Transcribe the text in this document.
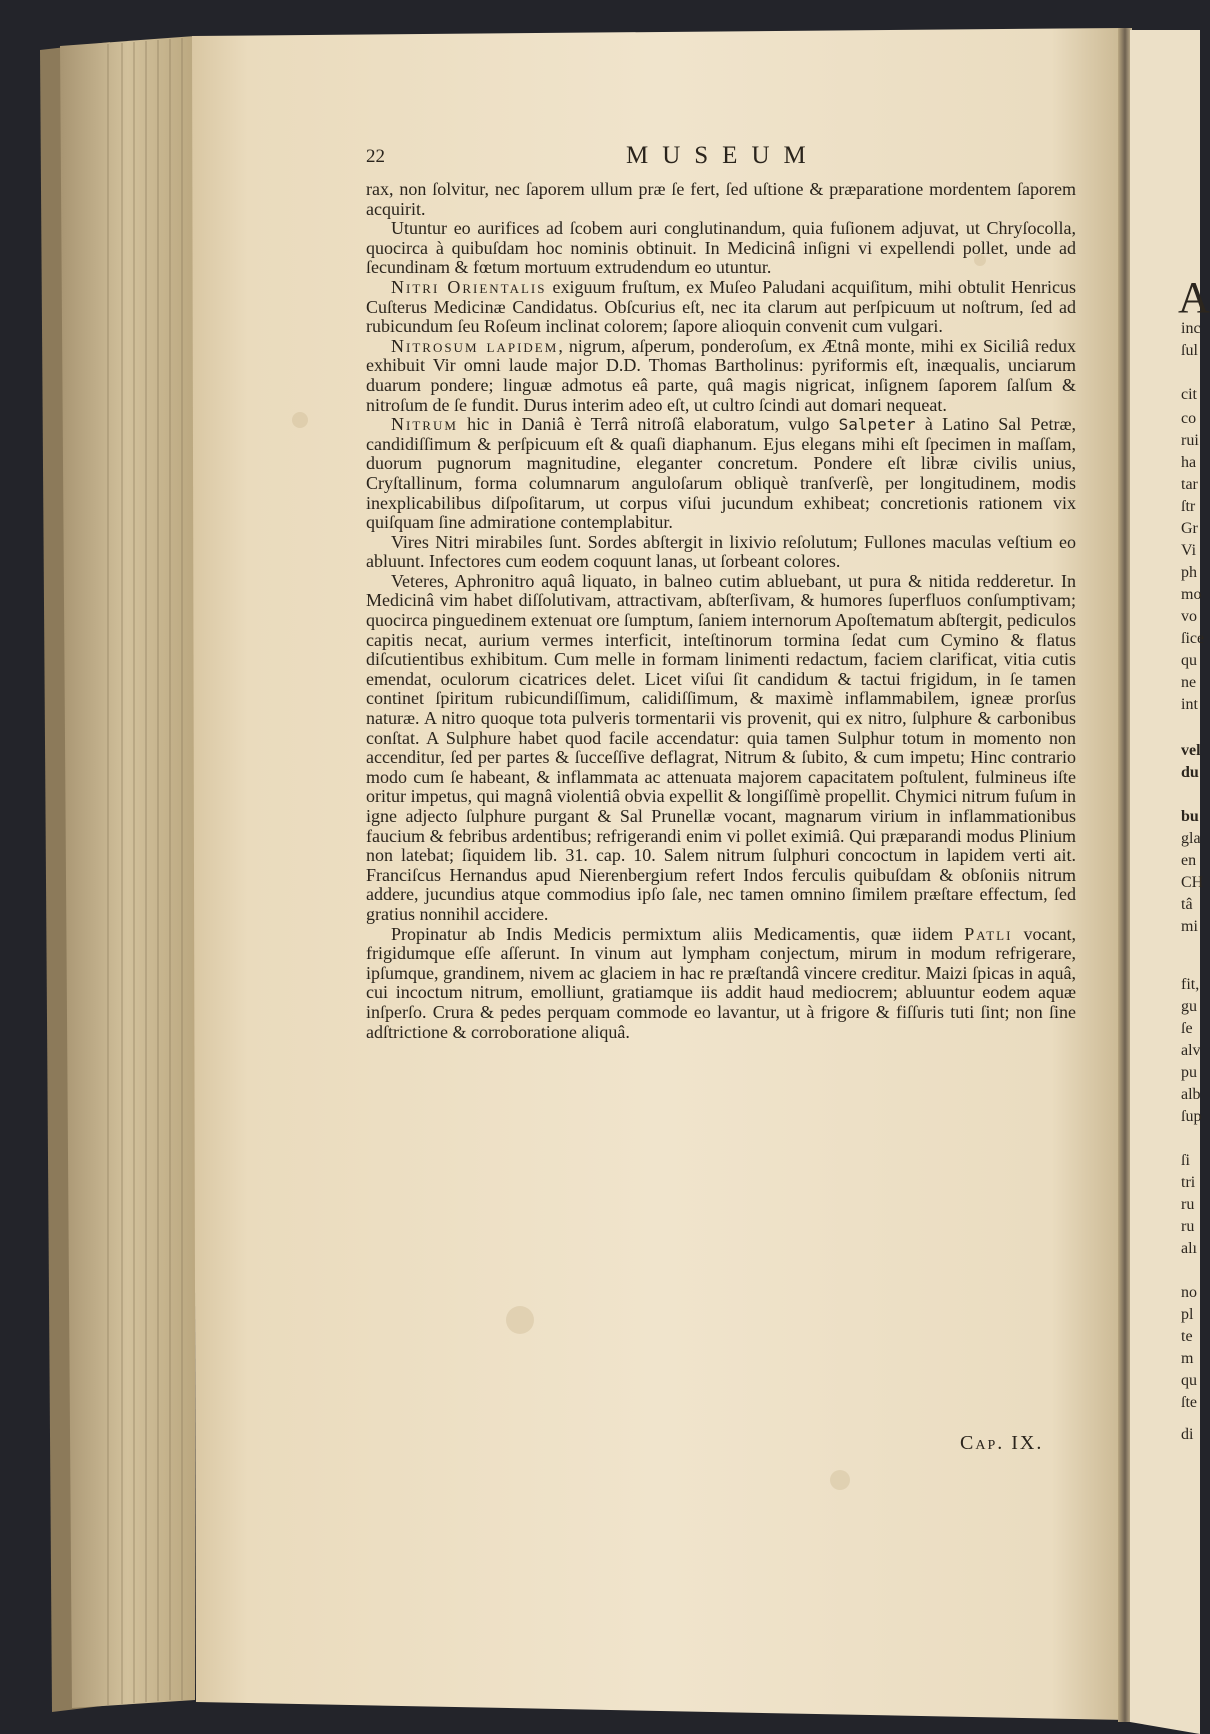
22	MUSEUM

rax, non ſolvitur, nec ſaporem ullum præ ſe fert, ſed uſtione & præparatione mordentem ſaporem acquirit.

Utuntur eo aurifices ad ſcobem auri conglutinandum, quia fuſionem adjuvat, ut Chryſocolla, quocirca à quibuſdam hoc nominis obtinuit. In Medicinâ inſigni vi expellendi pollet, unde ad ſecundinam & fœtum mortuum extrudendum eo utuntur.

Nitri Orientalis exiguum fruſtum, ex Muſeo Paludani acquiſitum, mihi obtulit Henricus Cuſterus Medicinæ Candidatus. Obſcurius eſt, nec ita clarum aut perſpicuum ut noſtrum, ſed ad rubicundum ſeu Roſeum inclinat colorem; ſapore alioquin convenit cum vulgari.

Nitrosum lapidem, nigrum, aſperum, ponderoſum, ex Ætnâ monte, mihi ex Siciliâ redux exhibuit Vir omni laude major D.D. Thomas Bartholinus: pyriformis eſt, inæqualis, unciarum duarum pondere; linguæ admotus eâ parte, quâ magis nigricat, inſignem ſaporem ſalſum & nitroſum de ſe fundit. Durus interim adeo eſt, ut cultro ſcindi aut domari nequeat.

Nitrum hic in Daniâ è Terrâ nitroſâ elaboratum, vulgo Salpeter à Latino Sal Petræ, candidiſſimum & perſpicuum eſt & quaſi diaphanum. Ejus elegans mihi eſt ſpecimen in maſſam, duorum pugnorum magnitudine, eleganter concretum. Pondere eſt libræ civilis unius, Cryſtallinum, forma columnarum anguloſarum obliquè tranſverſè, per longitudinem, modis inexplicabilibus diſpoſitarum, ut corpus viſui jucundum exhibeat; concretionis rationem vix quiſquam ſine admiratione contemplabitur.

Vires Nitri mirabiles ſunt. Sordes abſtergit in lixivio reſolutum; Fullones maculas veſtium eo abluunt. Infectores cum eodem coquunt lanas, ut ſorbeant colores.

Veteres, Aphronitro aquâ liquato, in balneo cutim abluebant, ut pura & nitida redderetur. In Medicinâ vim habet diſſolutivam, attractivam, abſterſivam, & humores ſuperfluos conſumptivam; quocirca pinguedinem extenuat ore ſumptum, ſaniem internorum Apoſtematum abſtergit, pediculos capitis necat, aurium vermes interficit, inteſtinorum tormina ſedat cum Cymino & flatus diſcutientibus exhibitum. Cum melle in formam linimenti redactum, faciem clarificat, vitia cutis emendat, oculorum cicatrices delet. Licet viſui ſit candidum & tactui frigidum, in ſe tamen continet ſpiritum rubicundiſſimum, calidiſſimum, & maximè inflammabilem, igneæ prorſus naturæ. A nitro quoque tota pulveris tormentarii vis provenit, qui ex nitro, ſulphure & carbonibus conſtat. A Sulphure habet quod facile accendatur: quia tamen Sulphur totum in momento non accenditur, ſed per partes & ſucceſſive deflagrat, Nitrum & ſubito, & cum impetu; Hinc contrario modo cum ſe habeant, & inflammata ac attenuata majorem capacitatem poſtulent, fulmineus iſte oritur impetus, qui magnâ violentiâ obvia expellit & longiſſimè propellit. Chymici nitrum fuſum in igne adjecto ſulphure purgant & Sal Prunellæ vocant, magnarum virium in inflammationibus faucium & febribus ardentibus; refrigerandi enim vi pollet eximiâ. Qui præparandi modus Plinium non latebat; ſiquidem lib. 31. cap. 10. Salem nitrum ſulphuri concoctum in lapidem verti ait. Franciſcus Hernandus apud Nierenbergium refert Indos ferculis quibuſdam & obſoniis nitrum addere, jucundius atque commodius ipſo ſale, nec tamen omnino ſimilem præſtare effectum, ſed gratius nonnihil accidere.

Propinatur ab Indis Medicis permixtum aliis Medicamentis, quæ iidem Patli vocant, frigidumque eſſe aſſerunt. In vinum aut lympham conjectum, mirum in modum refrigerare, ipſumque, grandinem, nivem ac glaciem in hac re præſtandâ vincere creditur. Maizi ſpicas in aquâ, cui incoctum nitrum, emolliunt, gratiamque iis addit haud mediocrem; abluuntur eodem aquæ inſperſo. Crura & pedes perquam commode eo lavantur, ut à frigore & fiſſuris tuti ſint; non ſine adſtrictione & corroboratione aliquâ.

Cap. IX.
A
inc
ſul
cit
co
rui
ha
tar
ſtr
Gr
Vi
ph
mo
vo
ſice
qu
ne
int
vel
du
bu
gla
en
CH
tâ
mi
fit,
gu
ſe
alv
pu
alb
ſup
ſi
tri
ru
ru
alı
no
pl
te
m
qu
ſte
di
